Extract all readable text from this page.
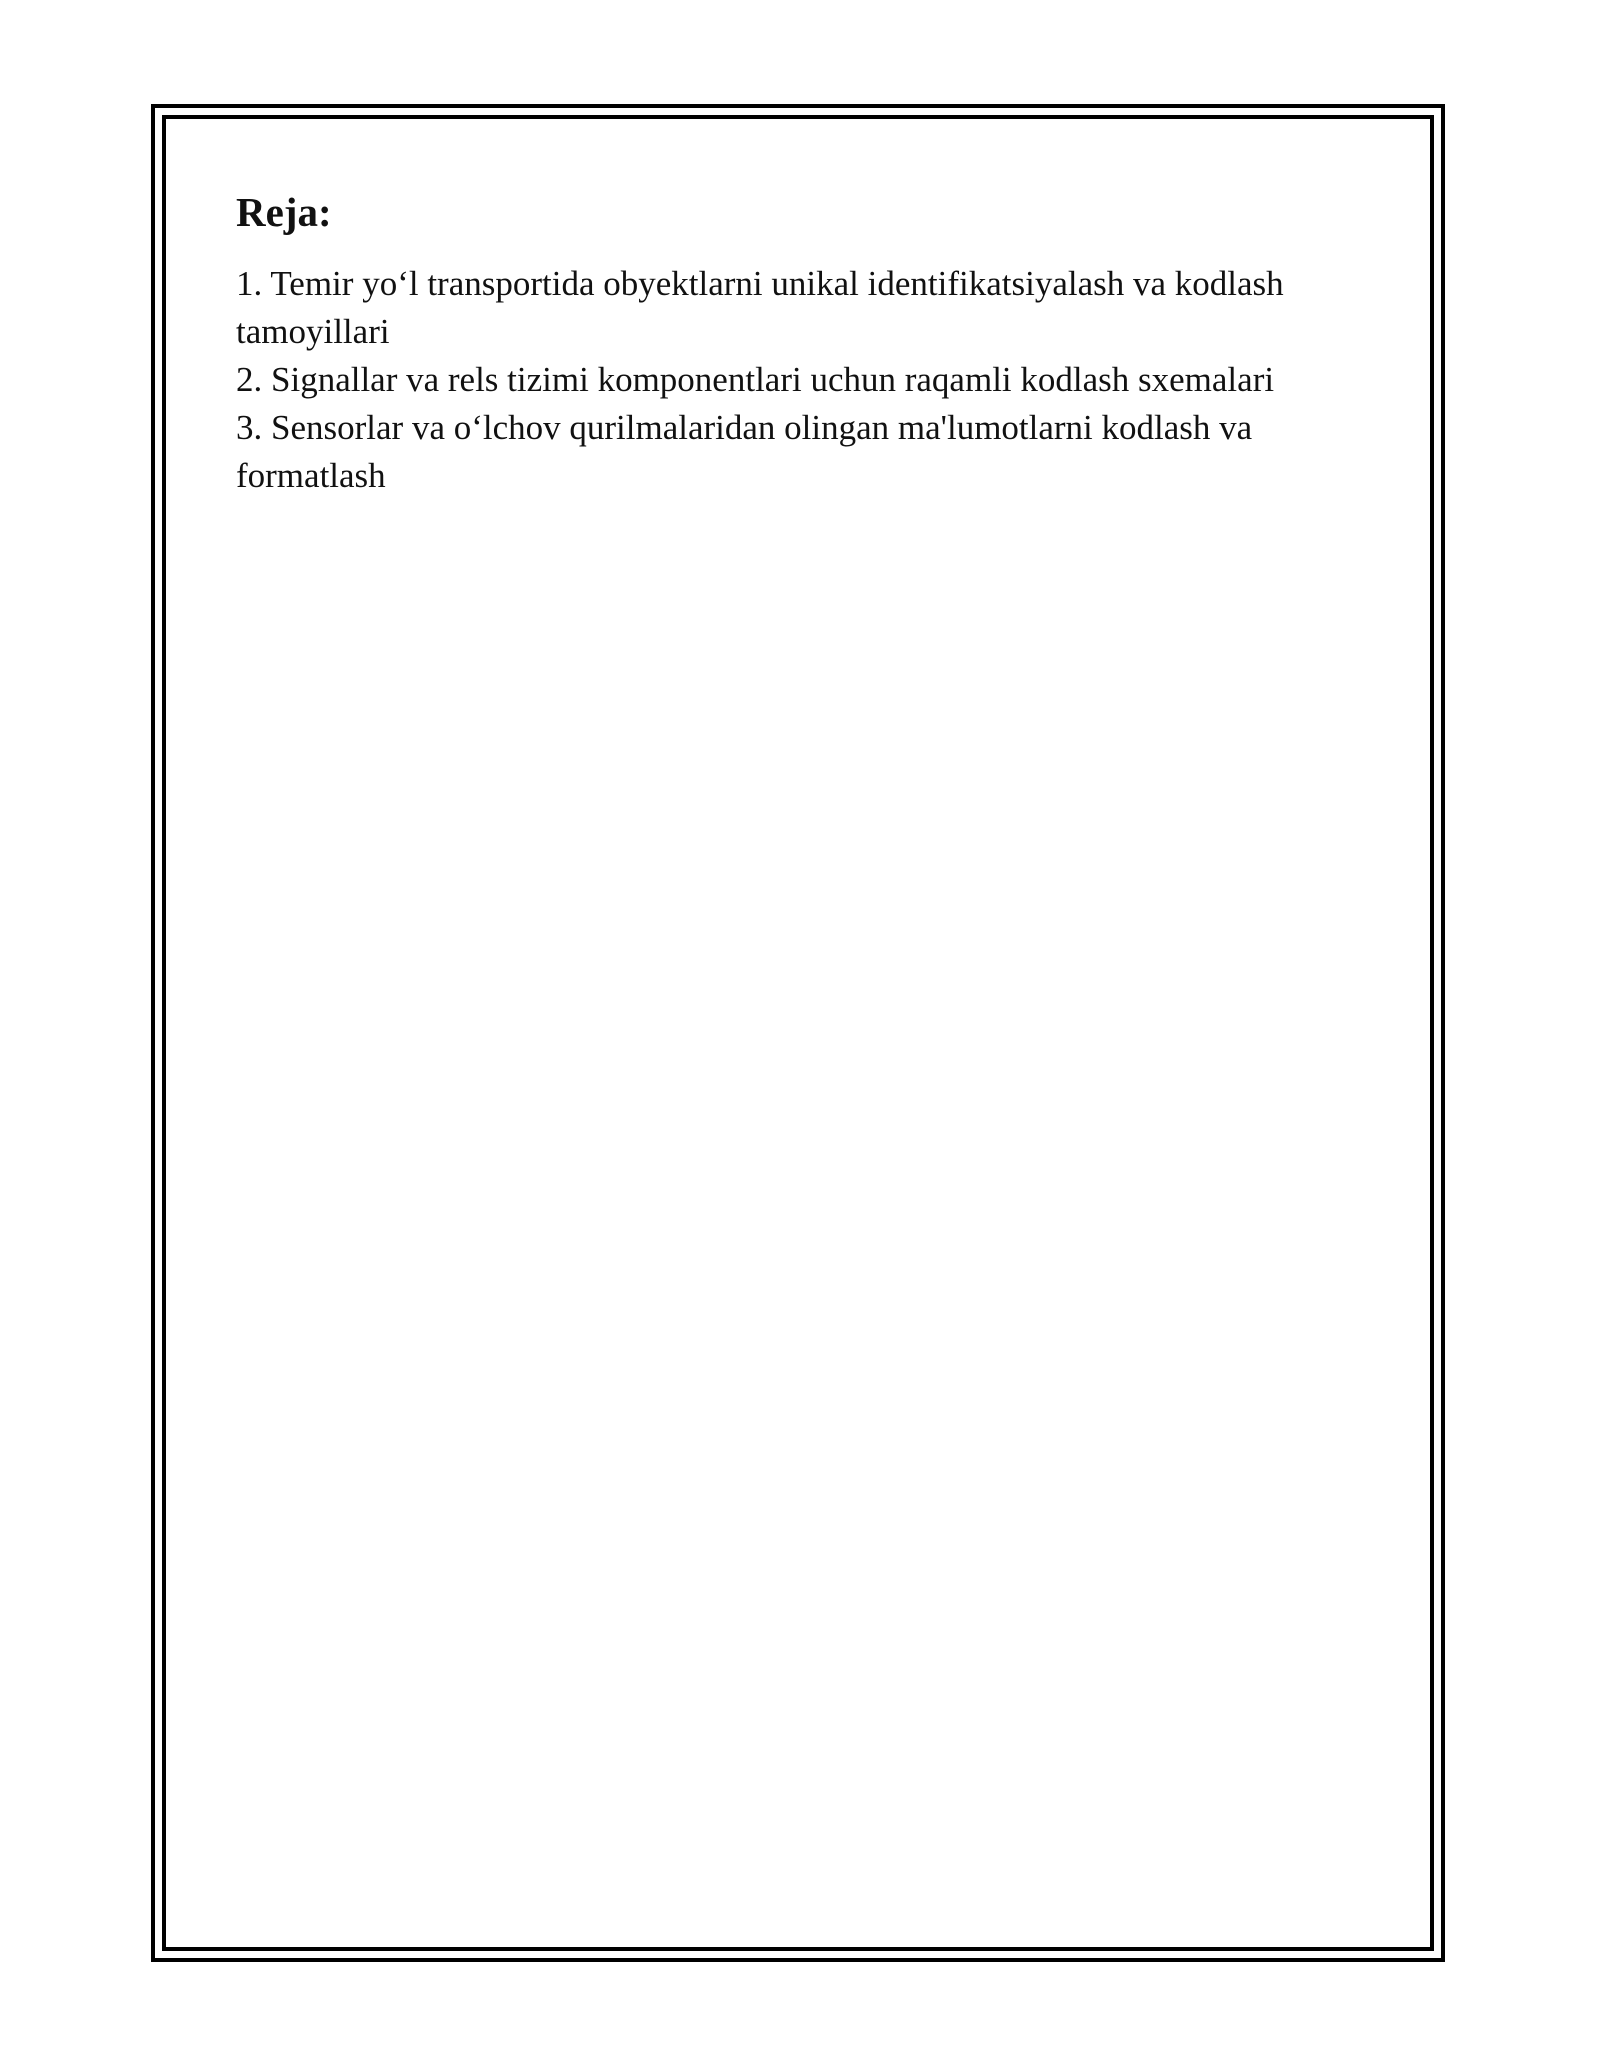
Reja:
1. Temir yo‘l transportida obyektlarni unikal identifikatsiyalash va kodlash tamoyillari
2. Signallar va rels tizimi komponentlari uchun raqamli kodlash sxemalari
3. Sensorlar va o‘lchov qurilmalaridan olingan ma'lumotlarni kodlash va formatlash
